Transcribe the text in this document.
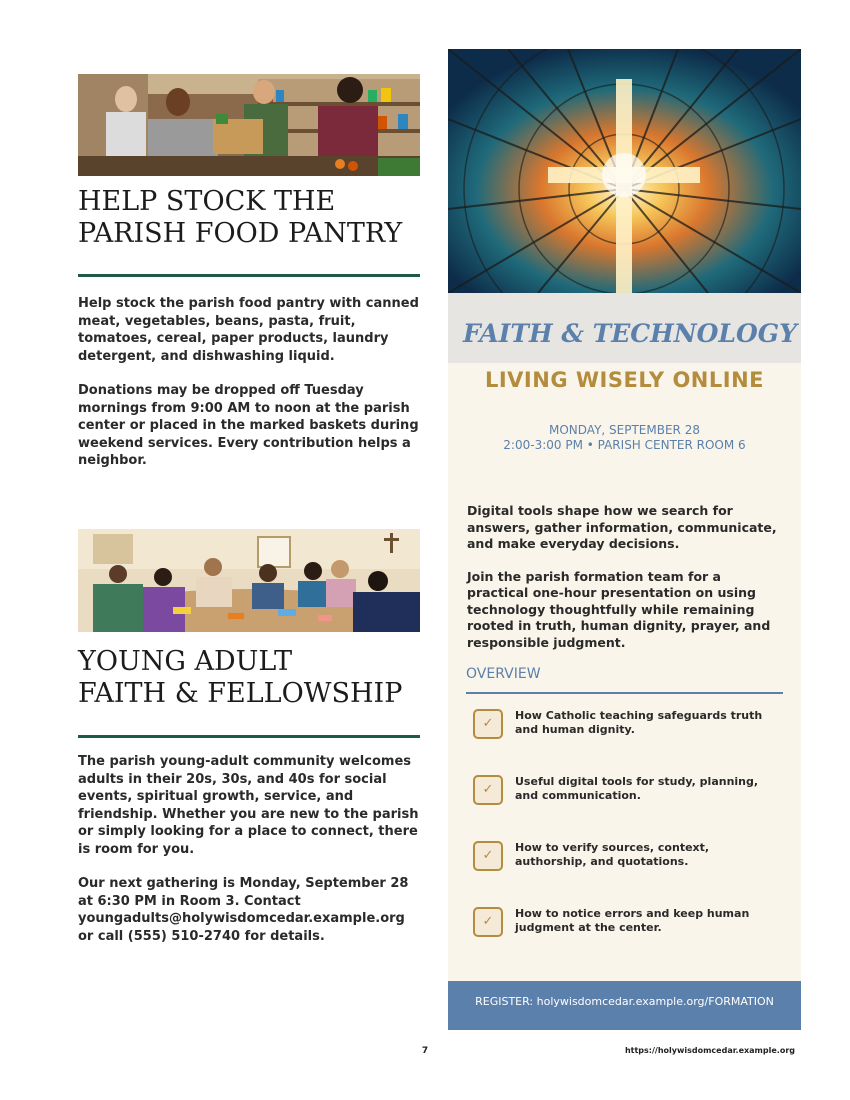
HELP STOCK THE
PARISH FOOD PANTRY

Help stock the parish food pantry with canned meat, vegetables, beans, pasta, fruit, tomatoes, cereal, paper products, laundry detergent, and dishwashing liquid.

Donations may be dropped off Tuesday mornings from 9:00 AM to noon at the parish center or placed in the marked baskets during weekend services. Every contribution helps a neighbor.

YOUNG ADULT
FAITH & FELLOWSHIP

The parish young-adult community welcomes adults in their 20s, 30s, and 40s for social events, spiritual growth, service, and friendship. Whether you are new to the parish or simply looking for a place to connect, there is room for you.

Our next gathering is Monday, September 28 at 6:30 PM in Room 3. Contact youngadults@holywisdomcedar.example.org or call (555) 510-2740 for details.

FAITH & TECHNOLOGY
LIVING WISELY ONLINE
MONDAY, SEPTEMBER 28
2:00-3:00 PM • PARISH CENTER ROOM 6

Digital tools shape how we search for answers, gather information, communicate, and make everyday decisions.

Join the parish formation team for a practical one-hour presentation on using technology thoughtfully while remaining rooted in truth, human dignity, prayer, and responsible judgment.

OVERVIEW
✓

How Catholic teaching safeguards truth and human dignity.

✓

Useful digital tools for study, planning, and communication.

✓

How to verify sources, context, authorship, and quotations.

✓

How to notice errors and keep human judgment at the center.

REGISTER: holywisdomcedar.example.org/FORMATION
7	https://holywisdomcedar.example.org
